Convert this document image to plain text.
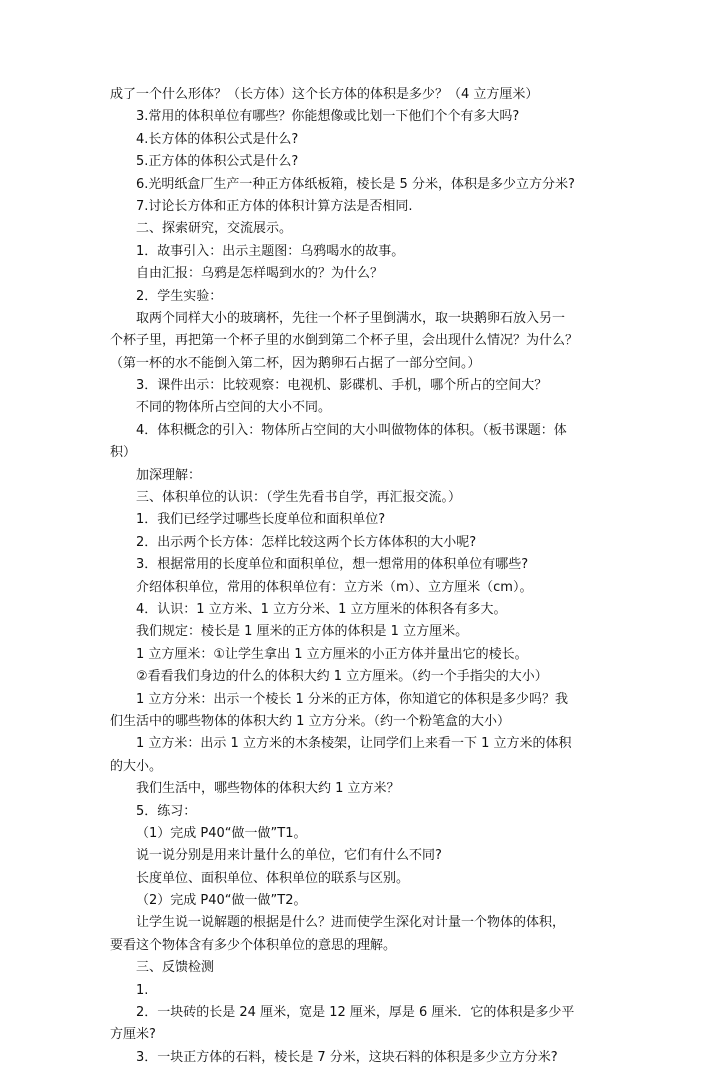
成了一个什么形体？（长方体）这个长方体的体积是多少？（4 立方厘米）
3.常用的体积单位有哪些？你能想像或比划一下他们个个有多大吗?
4.长方体的体积公式是什么?
5.正方体的体积公式是什么?
6.光明纸盒厂生产一种正方体纸板箱，棱长是 5 分米，体积是多少立方分米?
7.讨论长方体和正方体的体积计算方法是否相同.
二、探索研究，交流展示。
1．故事引入：出示主题图：乌鸦喝水的故事。
自由汇报：乌鸦是怎样喝到水的？为什么？
2．学生实验：
取两个同样大小的玻璃杯，先往一个杯子里倒满水，取一块鹅卵石放入另一
个杯子里，再把第一个杯子里的水倒到第二个杯子里，会出现什么情况？为什么？
（第一杯的水不能倒入第二杯，因为鹅卵石占据了一部分空间。）
3．课件出示：比较观察：电视机、影碟机、手机，哪个所占的空间大？
不同的物体所占空间的大小不同。
4．体积概念的引入：物体所占空间的大小叫做物体的体积。（板书课题：体
积）
加深理解：
三、体积单位的认识：（学生先看书自学，再汇报交流。）
1．我们已经学过哪些长度单位和面积单位?
2．出示两个长方体：怎样比较这两个长方体体积的大小呢?
3．根据常用的长度单位和面积单位，想一想常用的体积单位有哪些?
介绍体积单位，常用的体积单位有：立方米（m）、立方厘米（cm）。
4．认识：1 立方米、1 立方分米、1 立方厘米的体积各有多大。
我们规定：棱长是 1 厘米的正方体的体积是 1 立方厘米。
1 立方厘米：①让学生拿出 1 立方厘米的小正方体并量出它的棱长。
②看看我们身边的什么的体积大约 1 立方厘米。（约一个手指尖的大小）
1 立方分米：出示一个棱长 1 分米的正方体，你知道它的体积是多少吗？我
们生活中的哪些物体的体积大约 1 立方分米。（约一个粉笔盒的大小）
1 立方米：出示 1 立方米的木条棱架，让同学们上来看一下 1 立方米的体积
的大小。
我们生活中，哪些物体的体积大约 1 立方米？
5．练习：
（1）完成 P40“做一做”T1。
说一说分别是用来计量什么的单位，它们有什么不同?
长度单位、面积单位、体积单位的联系与区别。
（2）完成 P40“做一做”T2。
让学生说一说解题的根据是什么？进而使学生深化对计量一个物体的体积，
要看这个物体含有多少个体积单位的意思的理解。
三、反馈检测
1.
2．一块砖的长是 24 厘米，宽是 12 厘米，厚是 6 厘米．它的体积是多少平
方厘米?
3．一块正方体的石料，棱长是 7 分米，这块石料的体积是多少立方分米?
